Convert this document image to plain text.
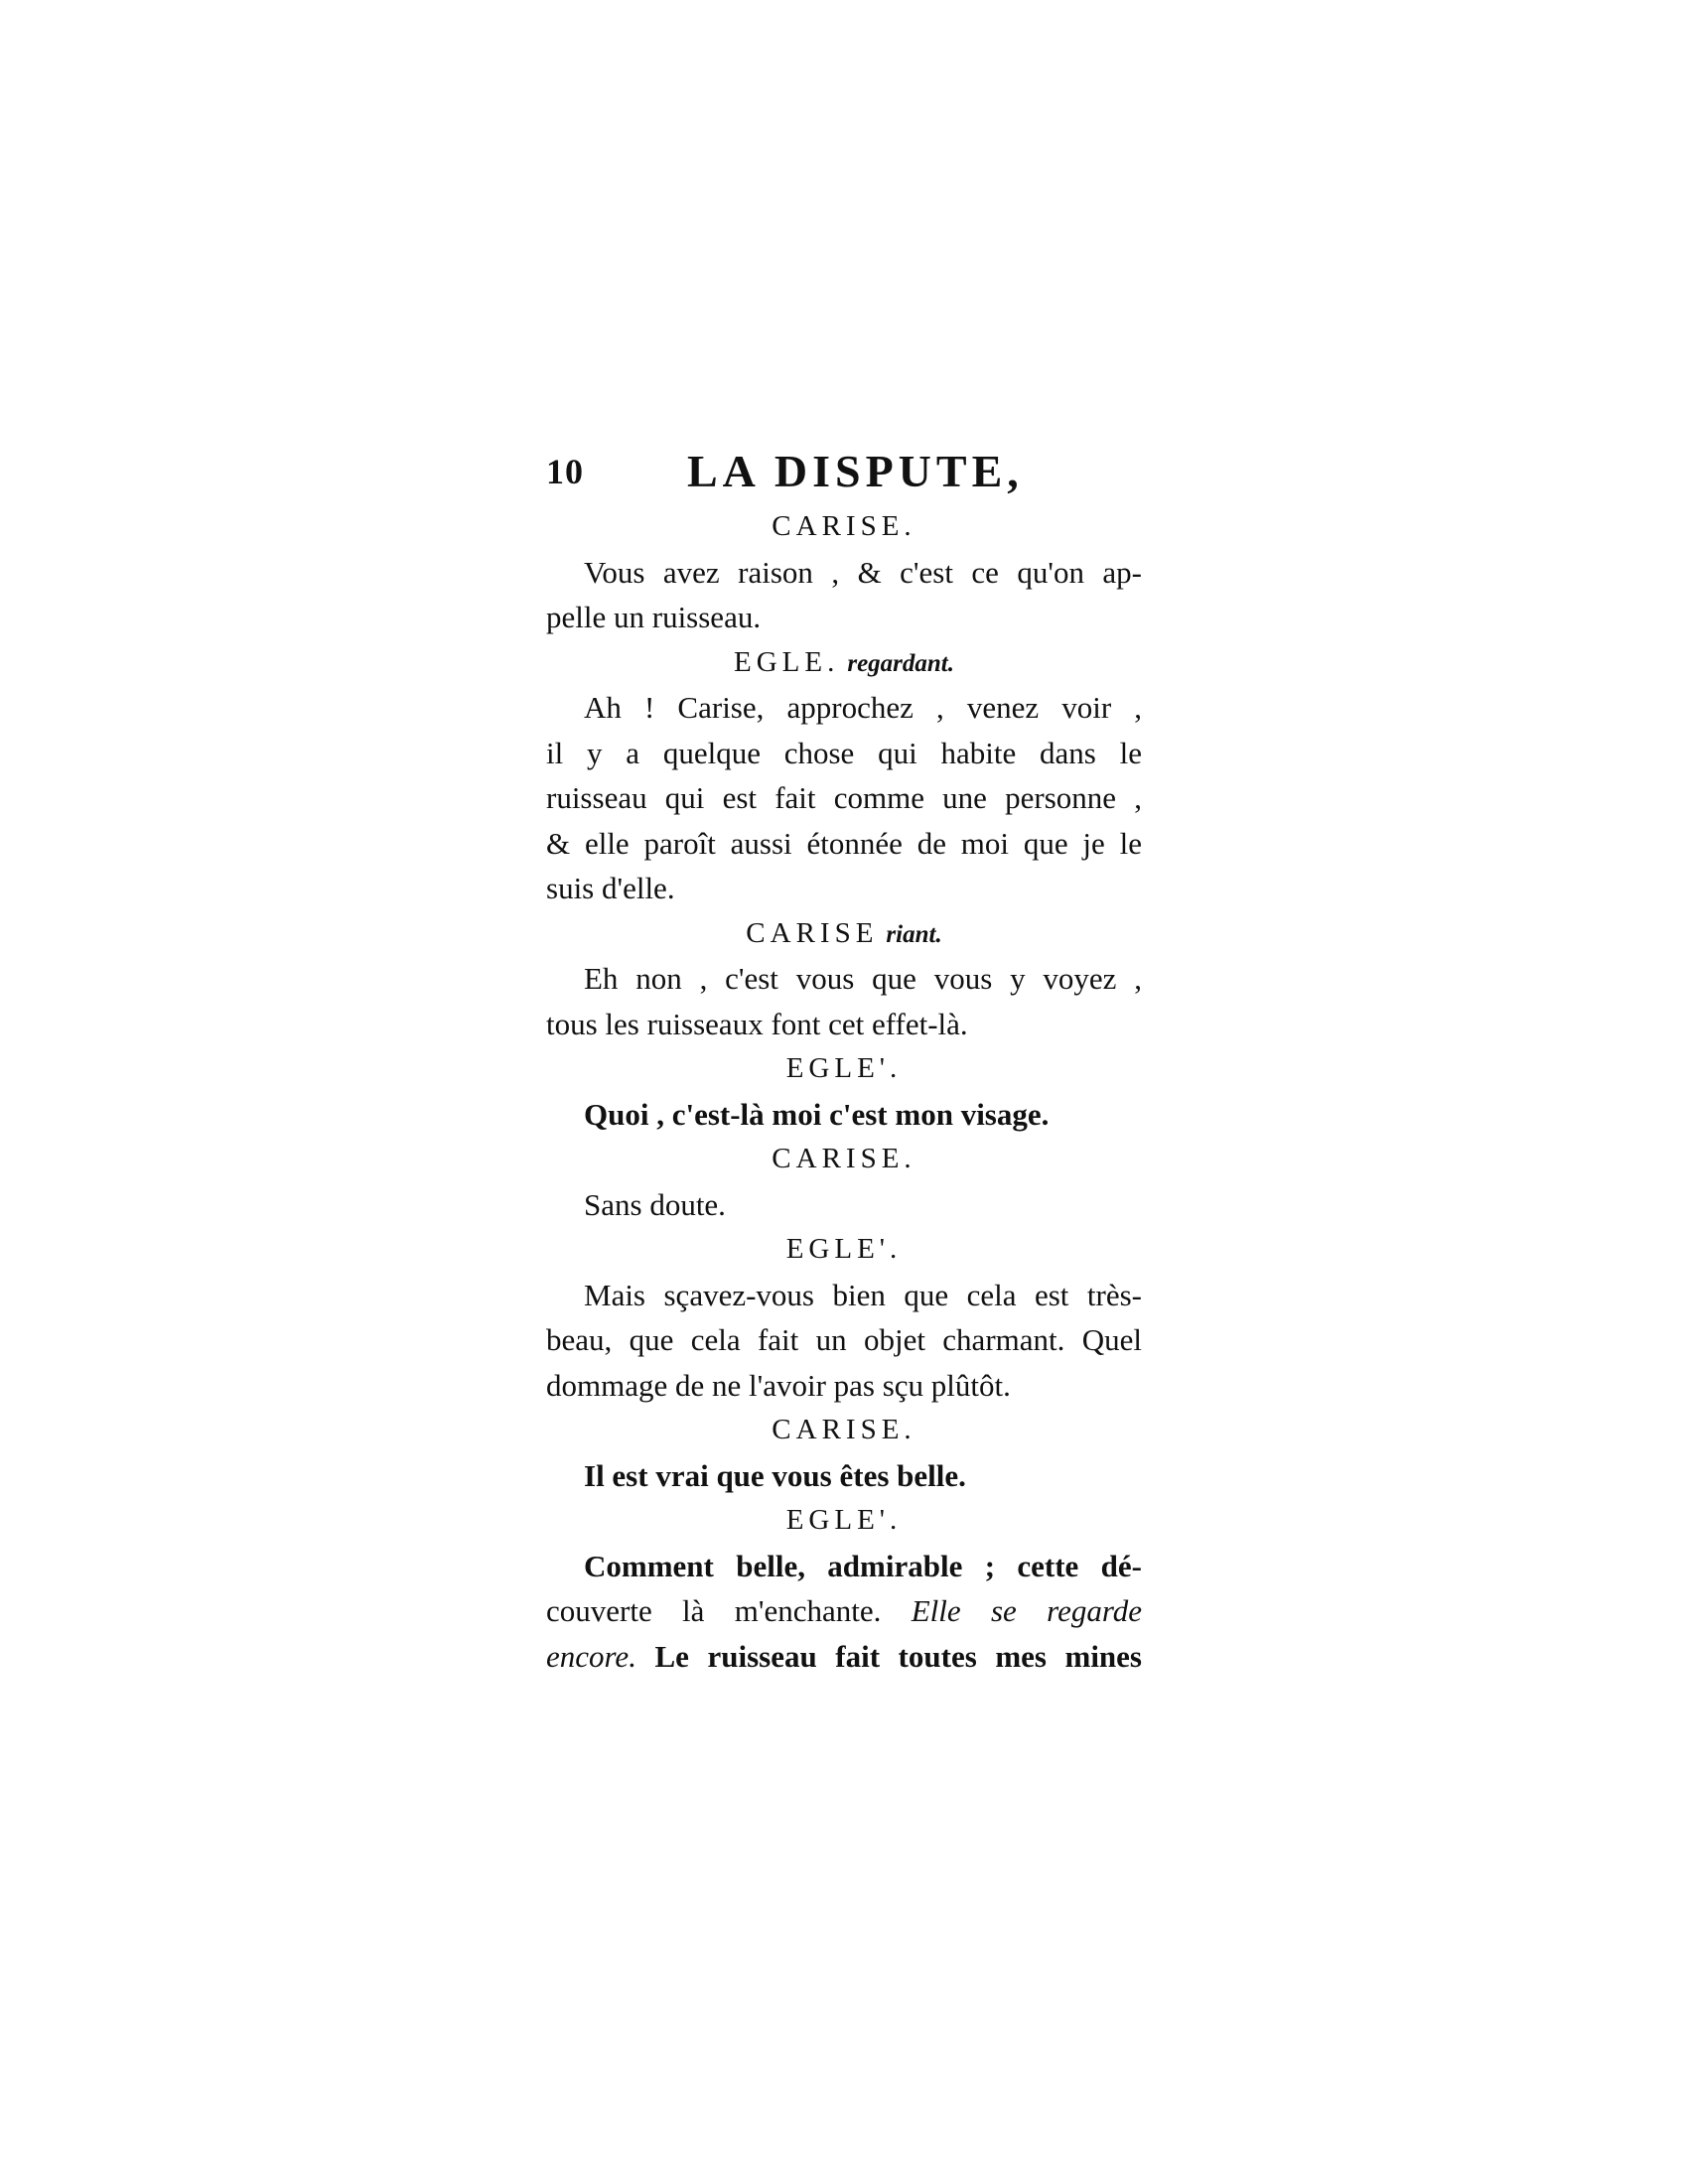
10 LA DISPUTE,
CARISE.
Vous avez raison , & c'est ce qu'on ap-
pelle un ruisseau.
EGLE. regardant.
Ah ! Carise, approchez , venez voir ,
il y a quelque chose qui habite dans le
ruisseau qui est fait comme une personne ,
& elle paroît aussi étonnée de moi que je le
suis d'elle.
CARISE riant.
Eh non , c'est vous que vous y voyez ,
tous les ruisseaux font cet effet-là.
EGLE'.
Quoi , c'est-là moi c'est mon visage.
CARISE.
Sans doute.
EGLE'.
Mais sçavez-vous bien que cela est très-
beau, que cela fait un objet charmant. Quel
dommage de ne l'avoir pas sçu plûtôt.
CARISE.
Il est vrai que vous êtes belle.
EGLE'.
Comment belle, admirable ; cette dé-
couverte là m'enchante. Elle se regarde
encore. Le ruisseau fait toutes mes mines
